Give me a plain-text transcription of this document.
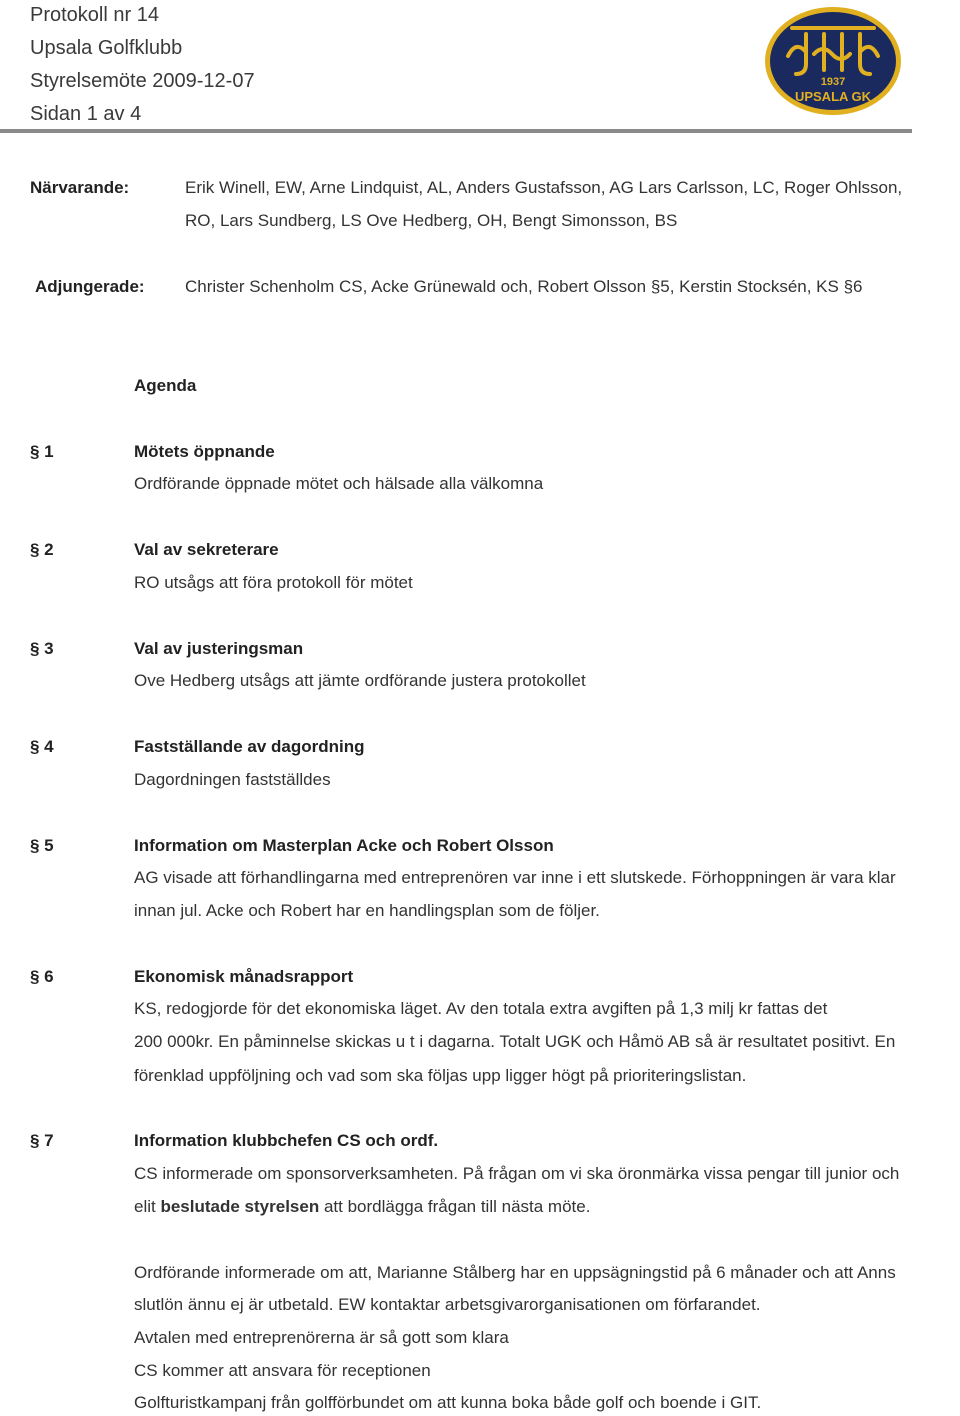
Protokoll nr 14
Upsala Golfklubb
Styrelsemöte 2009-12-07
Sidan 1 av 4
1937
UPSALA GK
Närvarande:	Erik Winell, EW, Arne Lindquist, AL, Anders Gustafsson, AG Lars Carlsson, LC, Roger Ohlsson,
RO, Lars Sundberg, LS Ove Hedberg, OH, Bengt Simonsson, BS
Adjungerade: Christer Schenholm CS, Acke Grünewald och, Robert Olsson §5, Kerstin Stocksén, KS §6
Agenda
§ 1	Mötets öppnande
Ordförande öppnade mötet och hälsade alla välkomna
§ 2	Val av sekreterare
RO utsågs att föra protokoll för mötet
§ 3	Val av justeringsman
Ove Hedberg utsågs att jämte ordförande justera protokollet
§ 4	Fastställande av dagordning
Dagordningen fastställdes
§ 5	Information om Masterplan Acke och Robert Olsson
AG visade att förhandlingarna med entreprenören var inne i ett slutskede. Förhoppningen är vara klar
innan jul. Acke och Robert har en handlingsplan som de följer.
§ 6	Ekonomisk månadsrapport
KS, redogjorde för det ekonomiska läget. Av den totala extra avgiften på 1,3 milj kr fattas det
200 000kr. En påminnelse skickas u t i dagarna. Totalt UGK och Håmö AB så är resultatet positivt. En
förenklad uppföljning och vad som ska följas upp ligger högt på prioriteringslistan.
§ 7	Information klubbchefen CS och ordf.
CS informerade om sponsorverksamheten. På frågan om vi ska öronmärka vissa pengar till junior och
elit beslutade styrelsen att bordlägga frågan till nästa möte.
Ordförande informerade om att, Marianne Stålberg har en uppsägningstid på 6 månader och att Anns
slutlön ännu ej är utbetald. EW kontaktar arbetsgivarorganisationen om förfarandet.
Avtalen med entreprenörerna är så gott som klara
CS kommer att ansvara för receptionen
Golfturistkampanj från golfförbundet om att kunna boka både golf och boende i GIT.
